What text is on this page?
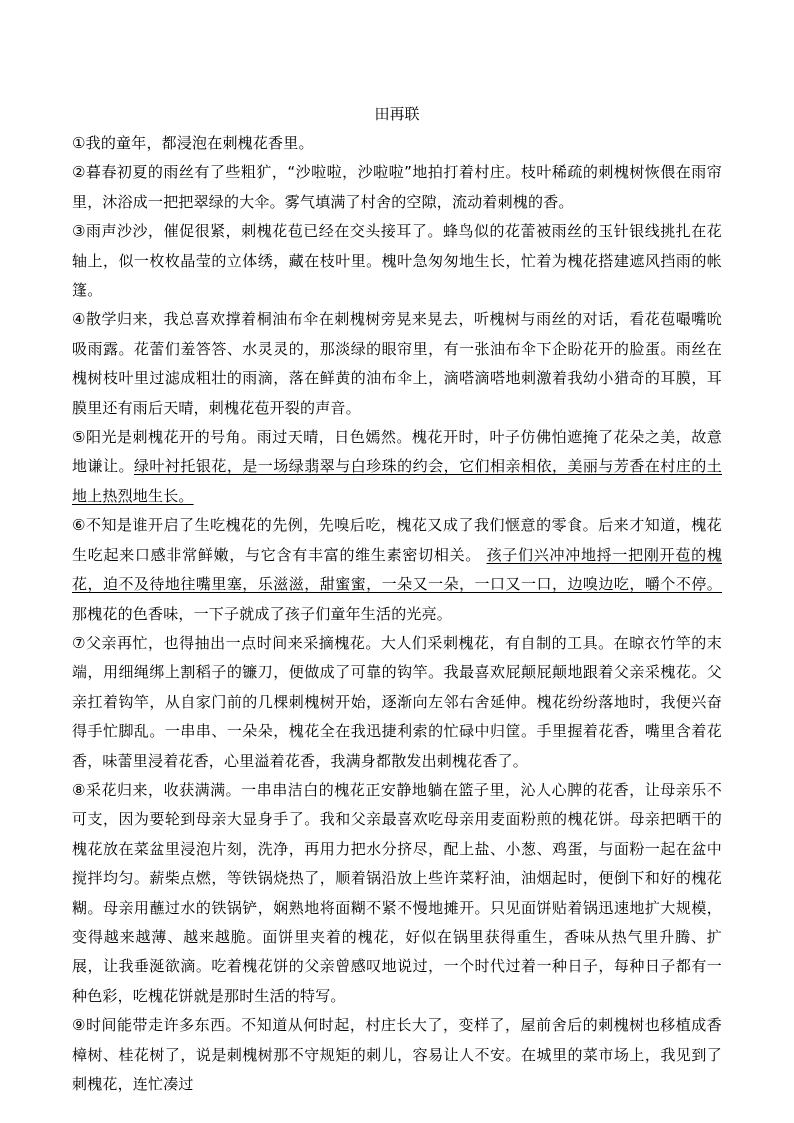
田再联

①我的童年，都浸泡在刺槐花香里。

②暮春初夏的雨丝有了些粗犷，“沙啦啦，沙啦啦”地拍打着村庄。枝叶稀疏的刺槐树恢偎在雨帘里，沐浴成一把把翠绿的大伞。雾气填满了村舍的空隙，流动着刺槐的香。

③雨声沙沙，催促很紧，刺槐花苞已经在交头接耳了。蜂鸟似的花蕾被雨丝的玉针银线挑扎在花轴上，似一枚枚晶莹的立体绣，藏在枝叶里。槐叶急匆匆地生长，忙着为槐花搭建遮风挡雨的帐篷。

④散学归来，我总喜欢撑着桐油布伞在刺槐树旁晃来晃去，听槐树与雨丝的对话，看花苞嘬嘴吮吸雨露。花蕾们羞答答、水灵灵的，那淡绿的眼帘里，有一张油布伞下企盼花开的脸蛋。雨丝在槐树枝叶里过滤成粗壮的雨滴，落在鲜黄的油布伞上，滴嗒滴嗒地刺激着我幼小猎奇的耳膜，耳膜里还有雨后天晴，刺槐花苞开裂的声音。

⑤阳光是刺槐花开的号角。雨过天晴，日色嫣然。槐花开时，叶子仿佛怕遮掩了花朵之美，故意地谦让。绿叶衬托银花，是一场绿翡翠与白珍珠的约会，它们相亲相依，美丽与芳香在村庄的土地上热烈地生长。

⑥不知是谁开启了生吃槐花的先例，先嗅后吃，槐花又成了我们惬意的零食。后来才知道，槐花生吃起来口感非常鲜嫩，与它含有丰富的维生素密切相关。 孩子们兴冲冲地捋一把刚开苞的槐花，迫不及待地往嘴里塞，乐滋滋，甜蜜蜜，一朵又一朵，一口又一口，边嗅边吃，嚼个不停。那槐花的色香味，一下子就成了孩子们童年生活的光亮。

⑦父亲再忙，也得抽出一点时间来采摘槐花。大人们采刺槐花，有自制的工具。在晾衣竹竿的末端，用细绳绑上割稻子的镰刀，便做成了可靠的钩竿。我最喜欢屁颠屁颠地跟着父亲采槐花。父亲扛着钩竿，从自家门前的几棵刺槐树开始，逐渐向左邻右舍延伸。槐花纷纷落地时，我便兴奋得手忙脚乱。一串串、一朵朵，槐花全在我迅捷利索的忙碌中归筐。手里握着花香，嘴里含着花香，味蕾里浸着花香，心里溢着花香，我满身都散发出刺槐花香了。

⑧采花归来，收获满满。一串串洁白的槐花正安静地躺在篮子里，沁人心脾的花香，让母亲乐不可支，因为要轮到母亲大显身手了。我和父亲最喜欢吃母亲用麦面粉煎的槐花饼。母亲把晒干的槐花放在菜盆里浸泡片刻，洗净，再用力把水分挤尽，配上盐、小葱、鸡蛋，与面粉一起在盆中搅拌均匀。薪柴点燃，等铁锅烧热了，顺着锅沿放上些许菜籽油，油烟起时，便倒下和好的槐花糊。母亲用蘸过水的铁锅铲，娴熟地将面糊不紧不慢地摊开。只见面饼贴着锅迅速地扩大规模，变得越来越薄、越来越脆。面饼里夹着的槐花，好似在锅里获得重生，香味从热气里升腾、扩展，让我垂涎欲滴。吃着槐花饼的父亲曾感叹地说过，一个时代过着一种日子，每种日子都有一种色彩，吃槐花饼就是那时生活的特写。

⑨时间能带走许多东西。不知道从何时起，村庄长大了，变样了，屋前舍后的刺槐树也移植成香樟树、桂花树了，说是刺槐树那不守规矩的刺儿，容易让人不安。在城里的菜市场上，我见到了刺槐花，连忙凑过
